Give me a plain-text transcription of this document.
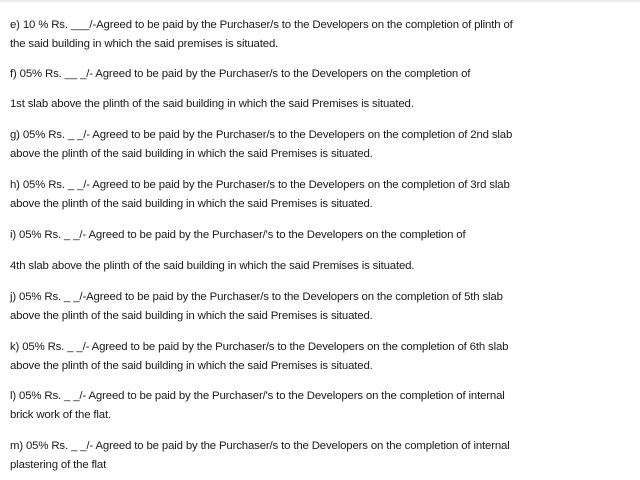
e) 10 % Rs. ___/-Agreed to be paid by the Purchaser/s to the Developers on the completion of plinth of
the said building in which the said premises is situated.
f) 05% Rs. __ _/- Agreed to be paid by the Purchaser/s to the Developers on the completion of
1st slab above the plinth of the said building in which the said Premises is situated.
g) 05% Rs. _ _/- Agreed to be paid by the Purchaser/s to the Developers on the completion of 2nd slab
above the plinth of the said building in which the said Premises is situated.
h) 05% Rs. _ _/- Agreed to be paid by the Purchaser/s to the Developers on the completion of 3rd slab
above the plinth of the said building in which the said Premises is situated.
i) 05% Rs. _ _/- Agreed to be paid by the Purchaser/'s to the Developers on the completion of
4th slab above the plinth of the said building in which the said Premises is situated.
j) 05% Rs. _ _/-Agreed to be paid by the Purchaser/s to the Developers on the completion of 5th slab
above the plinth of the said building in which the said Premises is situated.
k) 05% Rs. _ _/- Agreed to be paid by the Purchaser/s to the Developers on the completion of 6th slab
above the plinth of the said building in which the said Premises is situated.
l) 05% Rs. _ _/- Agreed to be paid by the Purchaser/'s to the Developers on the completion of internal
brick work of the flat.
m) 05% Rs. _ _/- Agreed to be paid by the Purchaser/s to the Developers on the completion of internal
plastering of the flat
